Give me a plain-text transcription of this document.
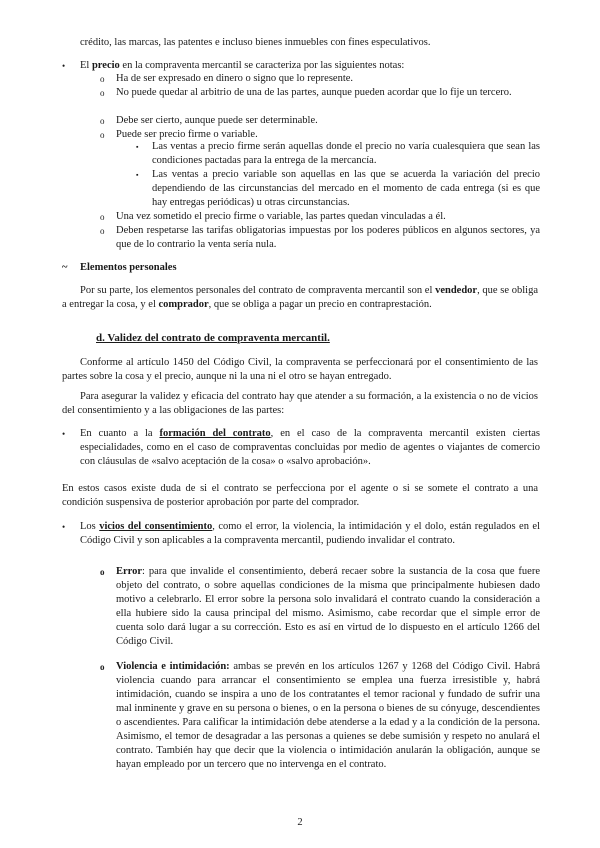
crédito, las marcas, las patentes e incluso bienes inmuebles con fines especulativos.

• El precio en la compraventa mercantil se caracteriza por las siguientes notas:

o Ha de ser expresado en dinero o signo que lo represente.

o No puede quedar al arbitrio de una de las partes, aunque pueden acordar que lo fije un tercero.

o Debe ser cierto, aunque puede ser determinable.

o Puede ser precio firme o variable.

▪ Las ventas a precio firme serán aquellas donde el precio no varía cualesquiera que sean las condiciones pactadas para la entrega de la mercancía.

▪ Las ventas a precio variable son aquellas en las que se acuerda la variación del precio dependiendo de las circunstancias del mercado en el momento de cada entrega (si es que hay entregas periódicas) u otras circunstancias.

o Una vez sometido el precio firme o variable, las partes quedan vinculadas a él.

o Deben respetarse las tarifas obligatorias impuestas por los poderes públicos en algunos sectores, ya que de lo contrario la venta sería nula.

~ Elementos personales

Por su parte, los elementos personales del contrato de compraventa mercantil son el vendedor, que se obliga a entregar la cosa, y el comprador, que se obliga a pagar un precio en contraprestación.

d. Validez del contrato de compraventa mercantil.

Conforme al artículo 1450 del Código Civil, la compraventa se perfeccionará por el consentimiento de las partes sobre la cosa y el precio, aunque ni la una ni el otro se hayan entregado.

Para asegurar la validez y eficacia del contrato hay que atender a su formación, a la existencia o no de vicios del consentimiento y a las obligaciones de las partes:

• En cuanto a la formación del contrato, en el caso de la compraventa mercantil existen ciertas especialidades, como en el caso de compraventas concluidas por medio de agentes o viajantes de comercio con cláusulas de «salvo aceptación de la cosa» o «salvo aprobación».

En estos casos existe duda de si el contrato se perfecciona por el agente o si se somete el contrato a una condición suspensiva de posterior aprobación por parte del comprador.

• Los vicios del consentimiento, como el error, la violencia, la intimidación y el dolo, están regulados en el Código Civil y son aplicables a la compraventa mercantil, pudiendo invalidar el contrato.

o Error: para que invalide el consentimiento, deberá recaer sobre la sustancia de la cosa que fuere objeto del contrato, o sobre aquellas condiciones de la misma que principalmente hubiesen dado motivo a celebrarlo. El error sobre la persona solo invalidará el contrato cuando la consideración a ella hubiere sido la causa principal del mismo. Asimismo, cabe recordar que el simple error de cuenta solo dará lugar a su corrección. Esto es así en virtud de lo dispuesto en el artículo 1266 del Código Civil.

o Violencia e intimidación: ambas se prevén en los artículos 1267 y 1268 del Código Civil. Habrá violencia cuando para arrancar el consentimiento se emplea una fuerza irresistible y, habrá intimidación, cuando se inspira a uno de los contratantes el temor racional y fundado de sufrir una mal inminente y grave en su persona o bienes, o en la persona o bienes de su cónyuge, descendientes o ascendientes. Para calificar la intimidación debe atenderse a la edad y a la condición de la persona. Asimismo, el temor de desagradar a las personas a quienes se debe sumisión y respeto no anulará el contrato. También hay que decir que la violencia o intimidación anularán la obligación, aunque se hayan empleado por un tercero que no intervenga en el contrato.

2
